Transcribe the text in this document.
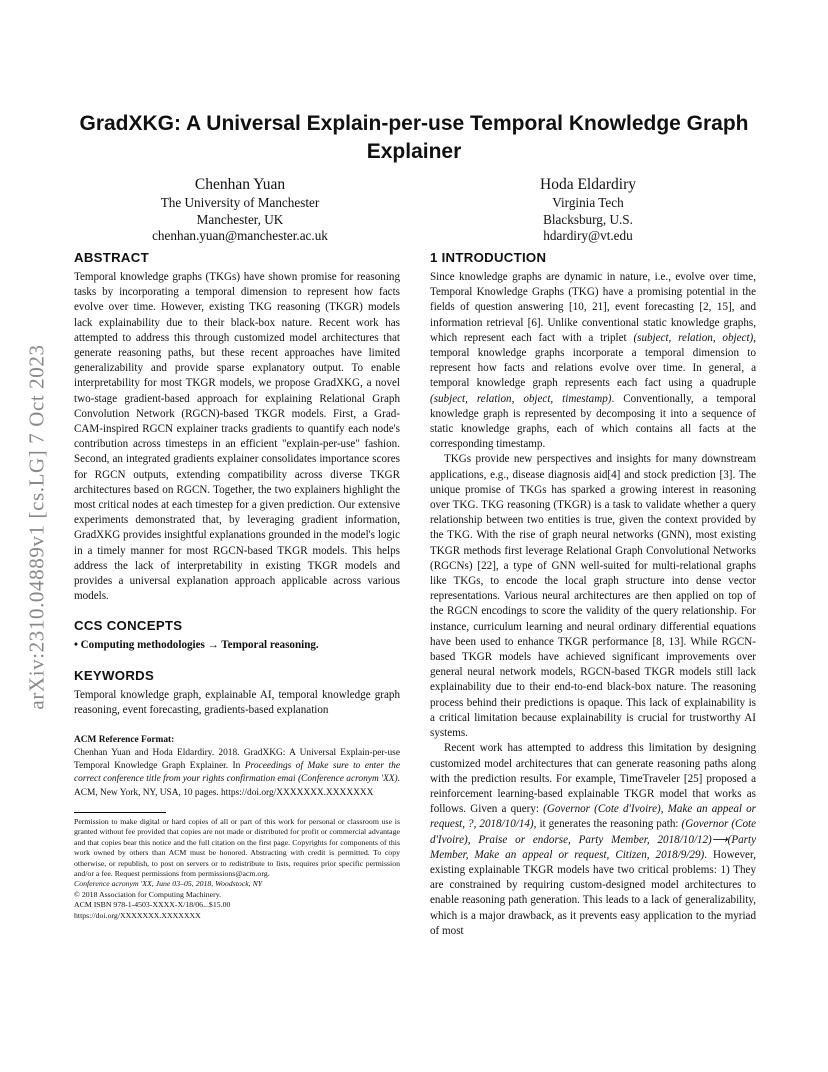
arXiv:2310.04889v1 [cs.LG] 7 Oct 2023
GradXKG: A Universal Explain-per-use Temporal Knowledge Graph Explainer
Chenhan Yuan
The University of Manchester
Manchester, UK
chenhan.yuan@manchester.ac.uk
Hoda Eldardiry
Virginia Tech
Blacksburg, U.S.
hdardiry@vt.edu
ABSTRACT

Temporal knowledge graphs (TKGs) have shown promise for reasoning tasks by incorporating a temporal dimension to represent how facts evolve over time. However, existing TKG reasoning (TKGR) models lack explainability due to their black-box nature. Recent work has attempted to address this through customized model architectures that generate reasoning paths, but these recent approaches have limited generalizability and provide sparse explanatory output. To enable interpretability for most TKGR models, we propose GradXKG, a novel two-stage gradient-based approach for explaining Relational Graph Convolution Network (RGCN)-based TKGR models. First, a Grad-CAM-inspired RGCN explainer tracks gradients to quantify each node's contribution across timesteps in an efficient "explain-per-use" fashion. Second, an integrated gradients explainer consolidates importance scores for RGCN outputs, extending compatibility across diverse TKGR architectures based on RGCN. Together, the two explainers highlight the most critical nodes at each timestep for a given prediction. Our extensive experiments demonstrated that, by leveraging gradient information, GradXKG provides insightful explanations grounded in the model's logic in a timely manner for most RGCN-based TKGR models. This helps address the lack of interpretability in existing TKGR models and provides a universal explanation approach applicable across various models.

CCS CONCEPTS
• Computing methodologies → Temporal reasoning.
KEYWORDS

Temporal knowledge graph, explainable AI, temporal knowledge graph reasoning, event forecasting, gradients-based explanation

ACM Reference Format:
Chenhan Yuan and Hoda Eldardiry. 2018. GradXKG: A Universal Explain-per-use Temporal Knowledge Graph Explainer. In Proceedings of Make sure to enter the correct conference title from your rights confirmation emai (Conference acronym 'XX). ACM, New York, NY, USA, 10 pages. https://doi.org/XXXXXXX.XXXXXXX
Permission to make digital or hard copies of all or part of this work for personal or classroom use is granted without fee provided that copies are not made or distributed for profit or commercial advantage and that copies bear this notice and the full citation on the first page. Copyrights for components of this work owned by others than ACM must be honored. Abstracting with credit is permitted. To copy otherwise, or republish, to post on servers or to redistribute to lists, requires prior specific permission and/or a fee. Request permissions from permissions@acm.org.
Conference acronym 'XX, June 03–05, 2018, Woodstock, NY
© 2018 Association for Computing Machinery.
ACM ISBN 978-1-4503-XXXX-X/18/06...$15.00
https://doi.org/XXXXXXX.XXXXXXX
1 INTRODUCTION

Since knowledge graphs are dynamic in nature, i.e., evolve over time, Temporal Knowledge Graphs (TKG) have a promising potential in the fields of question answering [10, 21], event forecasting [2, 15], and information retrieval [6]. Unlike conventional static knowledge graphs, which represent each fact with a triplet (subject, relation, object), temporal knowledge graphs incorporate a temporal dimension to represent how facts and relations evolve over time. In general, a temporal knowledge graph represents each fact using a quadruple (subject, relation, object, timestamp). Conventionally, a temporal knowledge graph is represented by decomposing it into a sequence of static knowledge graphs, each of which contains all facts at the corresponding timestamp.

TKGs provide new perspectives and insights for many downstream applications, e.g., disease diagnosis aid[4] and stock prediction [3]. The unique promise of TKGs has sparked a growing interest in reasoning over TKG. TKG reasoning (TKGR) is a task to validate whether a query relationship between two entities is true, given the context provided by the TKG. With the rise of graph neural networks (GNN), most existing TKGR methods first leverage Relational Graph Convolutional Networks (RGCNs) [22], a type of GNN well-suited for multi-relational graphs like TKGs, to encode the local graph structure into dense vector representations. Various neural architectures are then applied on top of the RGCN encodings to score the validity of the query relationship. For instance, curriculum learning and neural ordinary differential equations have been used to enhance TKGR performance [8, 13]. While RGCN-based TKGR models have achieved significant improvements over general neural network models, RGCN-based TKGR models still lack explainability due to their end-to-end black-box nature. The reasoning process behind their predictions is opaque. This lack of explainability is a critical limitation because explainability is crucial for trustworthy AI systems.

Recent work has attempted to address this limitation by designing customized model architectures that can generate reasoning paths along with the prediction results. For example, TimeTraveler [25] proposed a reinforcement learning-based explainable TKGR model that works as follows. Given a query: (Governor (Cote d'Ivoire), Make an appeal or request, ?, 2018/10/14), it generates the reasoning path: (Governor (Cote d'Ivoire), Praise or endorse, Party Member, 2018/10/12)⟶(Party Member, Make an appeal or request, Citizen, 2018/9/29). However, existing explainable TKGR models have two critical problems: 1) They are constrained by requiring custom-designed model architectures to enable reasoning path generation. This leads to a lack of generalizability, which is a major drawback, as it prevents easy application to the myriad of most
